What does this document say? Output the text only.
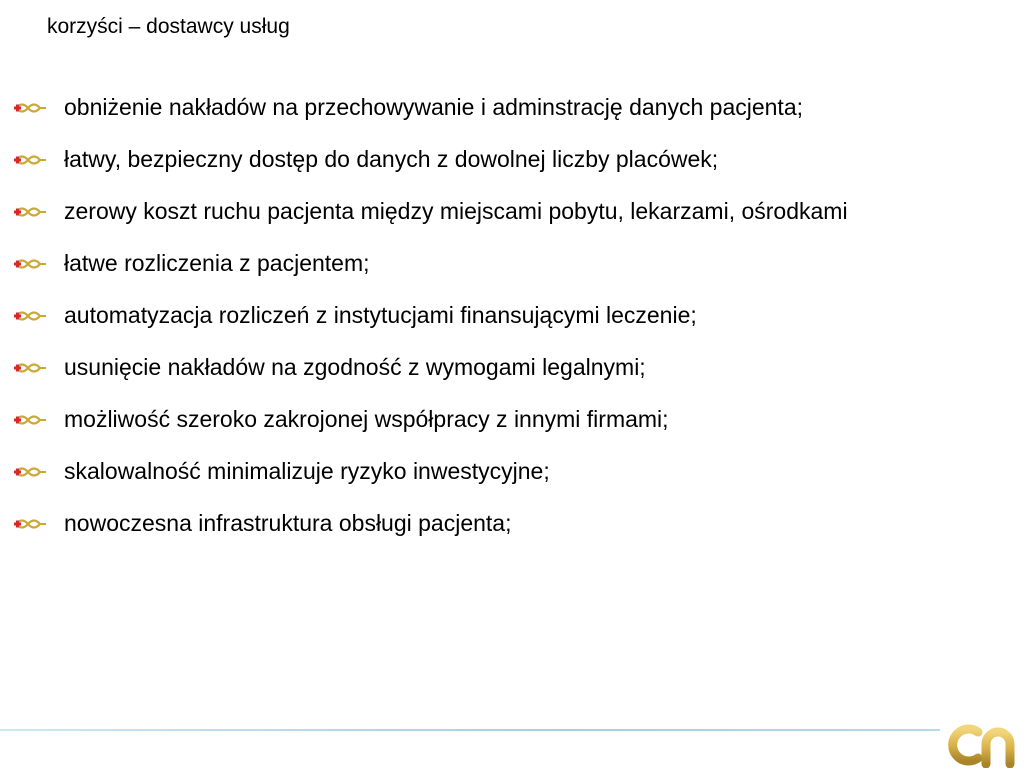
korzyści – dostawcy usług
obniżenie nakładów na przechowywanie i adminstrację danych pacjenta;
łatwy, bezpieczny dostęp do danych z dowolnej liczby placówek;
zerowy koszt ruchu pacjenta między miejscami pobytu, lekarzami, ośrodkami
łatwe rozliczenia z pacjentem;
automatyzacja rozliczeń z instytucjami finansującymi leczenie;
usunięcie nakładów na zgodność z wymogami legalnymi;
możliwość szeroko zakrojonej współpracy z innymi firmami;
skalowalność minimalizuje ryzyko inwestycyjne;
nowoczesna infrastruktura obsługi pacjenta;
